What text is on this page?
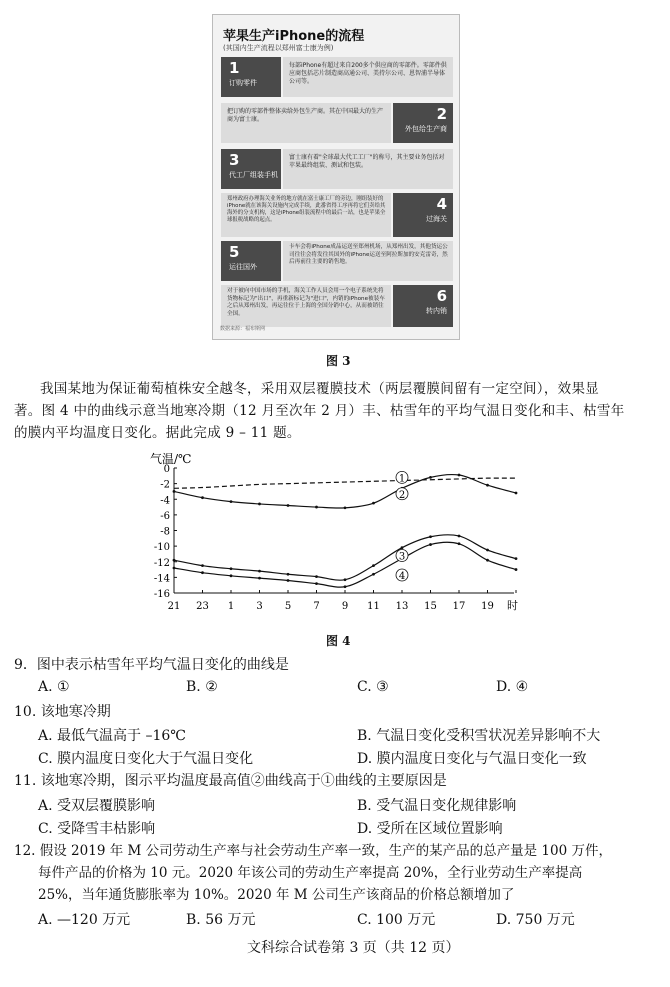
苹果生产iPhone的流程
(其国内生产流程以郑州富士康为例)
1
订购零件
每部iPhone有超过来自200多个供应商的零部件。零部件供应商包括芯片制造商高通公司、美持尔公司、恩智浦半导体公司等。
把订购的零部件整体卖给外包生产商。其在中国最大的生产商为富士康。	2
外包给生产商
3
代工厂组装手机
富士康有着"全球最大代工工厂"的称号，其主要业务包括对苹果最终组装、测试和包装。
郑州政府办理海关业务的地方就在富士康工厂的旁边，刚组装好的iPhone就在该海关设施内完成手续，此番省得工序再将它们卖给其海外的分支机构，这是iPhone组装流程中的最后一站，也是苹果全球报税战略的起点。
4
过海关
5
运往国外
卡车会将iPhone成品运送至郑州机场，从郑州出发，其他货运公司往往会将发往其国外的iPhone运送至阿拉斯加的安克雷奇，然后再前往主要的销售地。
对于被向中国市场的手机，海关工作人员会用一个电子系统先将货物标记为"出口"，再重新标记为"进口"，内销的iPhone被装车之后从郑州出发，再运往位于上海的全国分销中心，从而被销往全国。
6
转内销
数据来源：福布斯网
图 3
我国某地为保证葡萄植株安全越冬，采用双层覆膜技术（两层覆膜间留有一定空间），效果显
著。图 4 中的曲线示意当地寒冷期（12 月至次年 2 月）丰、枯雪年的平均气温日变化和丰、枯雪年
的膜内平均温度日变化。据此完成 9 – 11 题。
气温/℃
0
-2
-4
-6
-8
-10
-12
-14
-16
21 23 1 3 5 7 9 11 13 15 17 19
1
2
3
4
时
图 4
9．图中表示枯雪年平均气温日变化的曲线是
A. ①	B. ②	C. ③	D. ④
10. 该地寒冷期
A. 最低气温高于 –16℃	B. 气温日变化受积雪状况差异影响不大
C. 膜内温度日变化大于气温日变化	D. 膜内温度日变化与气温日变化一致
11. 该地寒冷期，图示平均温度最高值②曲线高于①曲线的主要原因是
A. 受双层覆膜影响	B. 受气温日变化规律影响
C. 受降雪丰枯影响	D. 受所在区域位置影响
12. 假设 2019 年 M 公司劳动生产率与社会劳动生产率一致，生产的某产品的总产量是 100 万件，
每件产品的价格为 10 元。2020 年该公司的劳动生产率提高 20%，全行业劳动生产率提高
25%，当年通货膨胀率为 10%。2020 年 M 公司生产该商品的价格总额增加了
A. —120 万元	B. 56 万元	C. 100 万元	D. 750 万元
文科综合试卷第 3 页（共 12 页）
